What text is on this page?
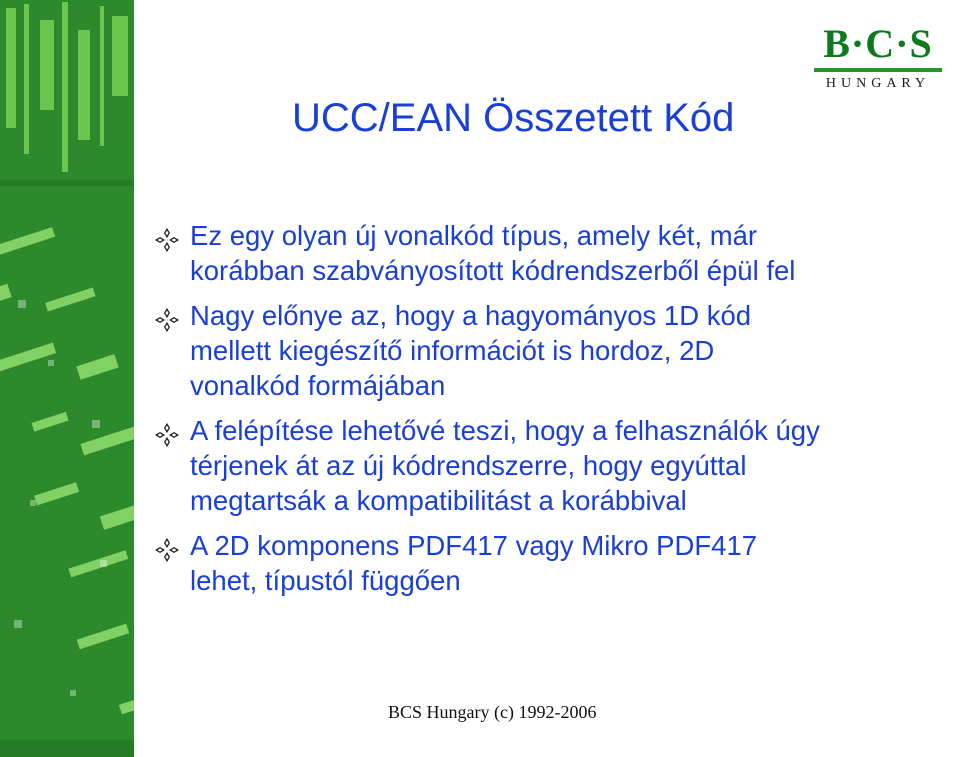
B·C·S
HUNGARY
UCC/EAN Összetett Kód
Ez egy olyan új vonalkód típus, amely két, már
korábban szabványosított kódrendszerből épül fel
Nagy előnye az, hogy a hagyományos 1D kód
mellett kiegészítő információt is hordoz, 2D
vonalkód formájában
A felépítése lehetővé teszi, hogy a felhasználók úgy
térjenek át az új kódrendszerre, hogy egyúttal
megtartsák a kompatibilitást a korábbival
A 2D komponens PDF417 vagy Mikro PDF417
lehet, típustól függően
BCS Hungary (c) 1992-2006
